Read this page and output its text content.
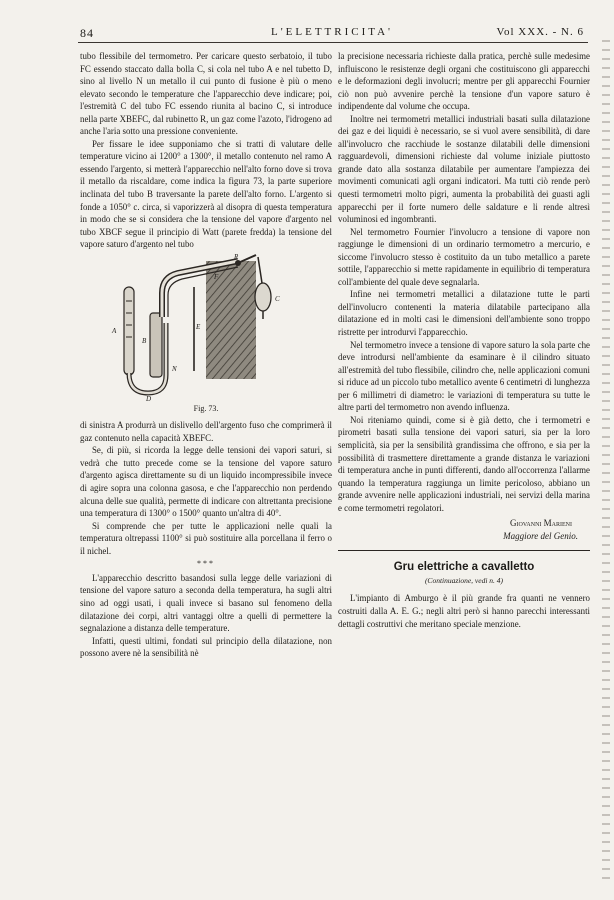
84	L'ELETTRICITA'	Vol XXX. - N. 6

tubo flessibile del termometro. Per caricare questo serbatoio, il tubo FC essendo staccato dalla bolla C, si cola nel tubo A e nel tubetto D, sino al livello N un metallo il cui punto di fusione è più o meno elevato secondo le temperature che l'apparecchio deve indicare; poi, l'estremità C del tubo FC essendo riunita al bacino C, si introduce nella parte XBEFC, dal rubinetto R, un gaz come l'azoto, l'idrogeno ad anche l'aria sotto una pressione conveniente.

Per fissare le idee supponiamo che si tratti di valutare delle temperature vicino ai 1200° a 1300°, il metallo contenuto nel ramo A essendo l'argento, si metterà l'apparecchio nell'alto forno dove si trova il metallo da riscaldare, come indica la figura 73, la parte superiore inclinata del tubo B traversante la parete dell'alto forno. L'argento si fonde a 1050° c. circa, si vaporizzerà al disopra di questa temperatura in modo che se si considera che la tensione del vapore d'argento nel tubo XBCF segue il principio di Watt (parete fredda) la tensione del vapore saturo d'argento nel tubo

R
F
C
E
B
A
N
D
Fig. 73.

di sinistra A produrrà un dislivello dell'argento fuso che comprimerà il gaz contenuto nella capacità XBEFC.

Se, di più, si ricorda la legge delle tensioni dei vapori saturi, si vedrà che tutto precede come se la tensione del vapore saturo d'argento agisca direttamente su di un liquido incompressibile invece di agire sopra una colonna gasosa, e che l'apparecchio non perdendo alcuna delle sue qualità, permette di indicare con altrettanta precisione una temperatura di 1300° o 1500° quanto un'altra di 40°.

Si comprende che per tutte le applicazioni nelle quali la temperatura oltrepassi 1100° si può sostituire alla porcellana il ferro o il nichel.

***

L'apparecchio descritto basandosi sulla legge delle variazioni di tensione del vapore saturo a seconda della temperatura, ha sugli altri sino ad oggi usati, i quali invece si basano sul fenomeno della dilatazione dei corpi, altri vantaggi oltre a quelli di permettere la segnalazione a distanza delle temperature.

Infatti, questi ultimi, fondati sul principio della dilatazione, non possono avere nè la sensibilità nè

la precisione necessaria richieste dalla pratica, perchè sulle medesime influiscono le resistenze degli organi che costituiscono gli apparecchi e le deformazioni degli involucri; mentre per gli apparecchi Fournier ciò non può avvenire perchè la tensione d'un vapore saturo è indipendente dal volume che occupa.

Inoltre nei termometri metallici industriali basati sulla dilatazione dei gaz e dei liquidi è necessario, se si vuol avere sensibilità, di dare all'involucro che racchiude le sostanze dilatabili delle dimensioni ragguardevoli, dimensioni richieste dal volume iniziale piuttosto grande dato alla sostanza dilatabile per aumentare l'ampiezza dei movimenti comunicati agli organi indicatori. Ma tutti ciò rende però questi termometri molto pigri, aumenta la probabilità dei guasti agli apparecchi per il forte numero delle saldature e li rende altresì voluminosi ed ingombranti.

Nel termometro Fournier l'involucro a tensione di vapore non raggiunge le dimensioni di un ordinario termometro a mercurio, e siccome l'involucro stesso è costituito da un tubo metallico a parete sottile, l'apparecchio si mette rapidamente in equilibrio di temperatura coll'ambiente del quale deve segnalarla.

Infine nei termometri metallici a dilatazione tutte le parti dell'involucro contenenti la materia dilatabile partecipano alla dilatazione ed in molti casi le dimensioni dell'ambiente sono troppo ristrette per introdurvi l'apparecchio.

Nel termometro invece a tensione di vapore saturo la sola parte che deve introdursi nell'ambiente da esaminare è il cilindro situato all'estremità del tubo flessibile, cilindro che, nelle applicazioni comuni si riduce ad un piccolo tubo metallico avente 6 centimetri di lunghezza per 6 millimetri di diametro: le variazioni di temperatura su tutte le altre parti del termometro non avendo influenza.

Noi riteniamo quindi, come si è già detto, che i termometri e pirometri basati sulla tensione dei vapori saturi, sia per la loro semplicità, sia per la sensibilità grandissima che offrono, e sia per la possibilità di trasmettere direttamente a grande distanza le variazioni di temperatura anche in punti differenti, dando all'occorrenza l'allarme quando la temperatura raggiunga un limite pericoloso, abbiano un grande avvenire nelle applicazioni industriali, nei servizi della marina e come termometri regolatori.

Giovanni Marieni
Maggiore del Genio.
Gru elettriche a cavalletto
(Continuazione, vedi n. 4)

L'impianto di Amburgo è il più grande fra quanti ne vennero costruiti dalla A. E. G.; negli altri però si hanno parecchi interessanti dettagli costruttivi che meritano speciale menzione.
